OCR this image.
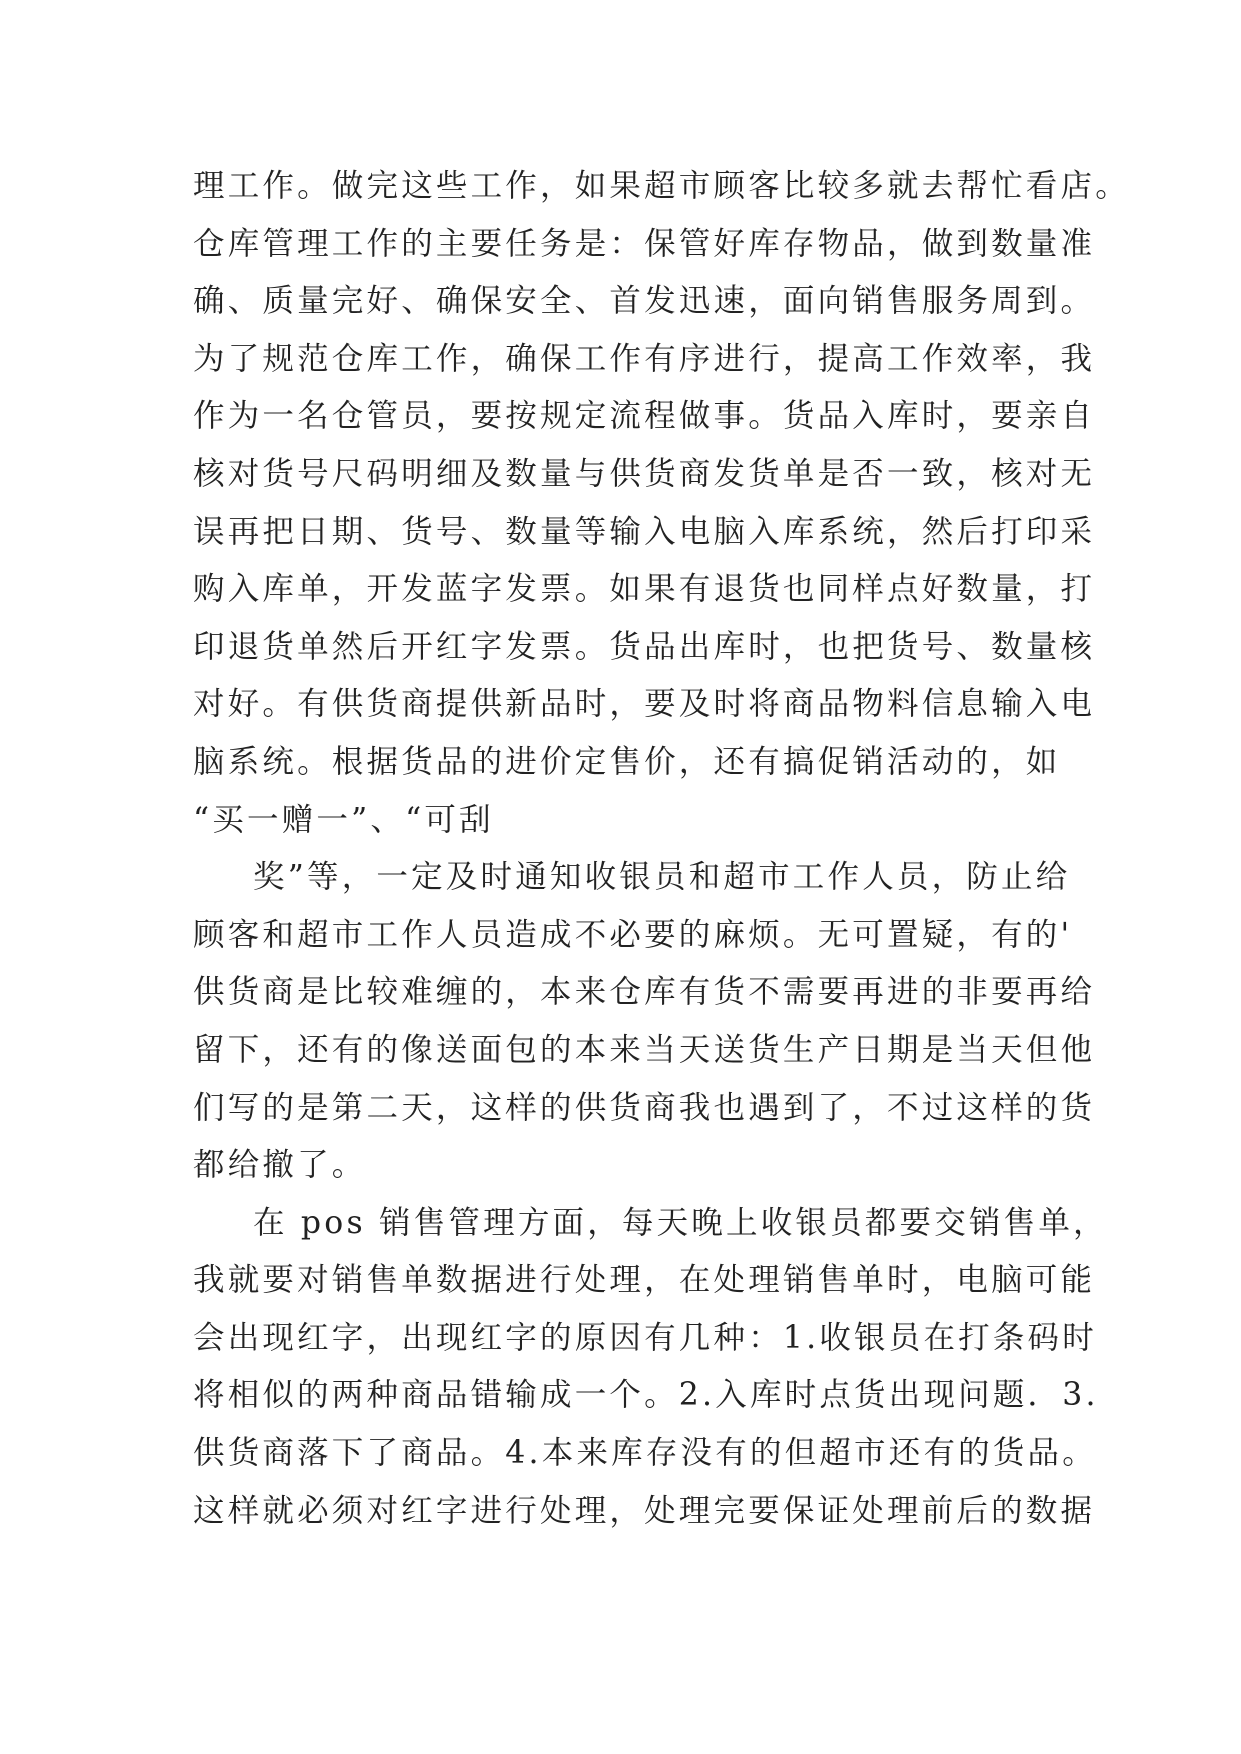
理工作。做完这些工作，如果超市顾客比较多就去帮忙看店。
仓库管理工作的主要任务是：保管好库存物品，做到数量准
确、质量完好、确保安全、首发迅速，面向销售服务周到。
为了规范仓库工作，确保工作有序进行，提高工作效率，我
作为一名仓管员，要按规定流程做事。货品入库时，要亲自
核对货号尺码明细及数量与供货商发货单是否一致，核对无
误再把日期、货号、数量等输入电脑入库系统，然后打印采
购入库单，开发蓝字发票。如果有退货也同样点好数量，打
印退货单然后开红字发票。货品出库时，也把货号、数量核
对好。有供货商提供新品时，要及时将商品物料信息输入电
脑系统。根据货品的进价定售价，还有搞促销活动的，如
“买一赠一”、“可刮
奖”等，一定及时通知收银员和超市工作人员，防止给
顾客和超市工作人员造成不必要的麻烦。无可置疑，有的'
供货商是比较难缠的，本来仓库有货不需要再进的非要再给
留下，还有的像送面包的本来当天送货生产日期是当天但他
们写的是第二天，这样的供货商我也遇到了，不过这样的货
都给撤了。
在 pos 销售管理方面，每天晚上收银员都要交销售单，
我就要对销售单数据进行处理，在处理销售单时，电脑可能
会出现红字，出现红字的原因有几种：1.收银员在打条码时
将相似的两种商品错输成一个。2.入库时点货出现问题．3.
供货商落下了商品。4.本来库存没有的但超市还有的货品。
这样就必须对红字进行处理，处理完要保证处理前后的数据
